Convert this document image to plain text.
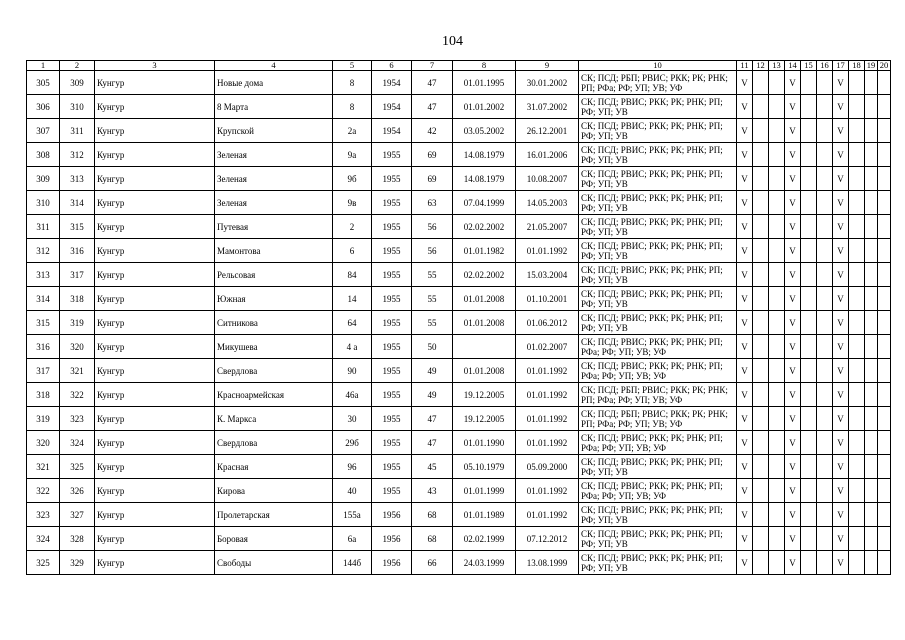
104
1	2	3	4	5	6	7	8	9	10	11	12	13	14	15	16	17	18	19	20
305	309	Кунгур	Новые дома	8	1954	47	01.01.1995	30.01.2002	СК; ПСД; РБП; РВИС; РКК; РК; РНК; РП; РФа; РФ; УП; УВ; УФ	V			V			V			
306	310	Кунгур	8 Марта	8	1954	47	01.01.2002	31.07.2002	СК; ПСД; РВИС; РКК; РК; РНК; РП; РФ; УП; УВ	V			V			V			
307	311	Кунгур	Крупской	2а	1954	42	03.05.2002	26.12.2001	СК; ПСД; РВИС; РКК; РК; РНК; РП; РФ; УП; УВ	V			V			V			
308	312	Кунгур	Зеленая	9а	1955	69	14.08.1979	16.01.2006	СК; ПСД; РВИС; РКК; РК; РНК; РП; РФ; УП; УВ	V			V			V			
309	313	Кунгур	Зеленая	9б	1955	69	14.08.1979	10.08.2007	СК; ПСД; РВИС; РКК; РК; РНК; РП; РФ; УП; УВ	V			V			V			
310	314	Кунгур	Зеленая	9в	1955	63	07.04.1999	14.05.2003	СК; ПСД; РВИС; РКК; РК; РНК; РП; РФ; УП; УВ	V			V			V			
311	315	Кунгур	Путевая	2	1955	56	02.02.2002	21.05.2007	СК; ПСД; РВИС; РКК; РК; РНК; РП; РФ; УП; УВ	V			V			V			
312	316	Кунгур	Мамонтова	6	1955	56	01.01.1982	01.01.1992	СК; ПСД; РВИС; РКК; РК; РНК; РП; РФ; УП; УВ	V			V			V			
313	317	Кунгур	Рельсовая	84	1955	55	02.02.2002	15.03.2004	СК; ПСД; РВИС; РКК; РК; РНК; РП; РФ; УП; УВ	V			V			V			
314	318	Кунгур	Южная	14	1955	55	01.01.2008	01.10.2001	СК; ПСД; РВИС; РКК; РК; РНК; РП; РФ; УП; УВ	V			V			V			
315	319	Кунгур	Ситникова	64	1955	55	01.01.2008	01.06.2012	СК; ПСД; РВИС; РКК; РК; РНК; РП; РФ; УП; УВ	V			V			V			
316	320	Кунгур	Микушева	4 а	1955	50		01.02.2007	СК; ПСД; РВИС; РКК; РК; РНК; РП; РФа; РФ; УП; УВ; УФ	V			V			V			
317	321	Кунгур	Свердлова	90	1955	49	01.01.2008	01.01.1992	СК; ПСД; РВИС; РКК; РК; РНК; РП; РФа; РФ; УП; УВ; УФ	V			V			V			
318	322	Кунгур	Красноармейская	46а	1955	49	19.12.2005	01.01.1992	СК; ПСД; РБП; РВИС; РКК; РК; РНК; РП; РФа; РФ; УП; УВ; УФ	V			V			V			
319	323	Кунгур	К. Маркса	30	1955	47	19.12.2005	01.01.1992	СК; ПСД; РБП; РВИС; РКК; РК; РНК; РП; РФа; РФ; УП; УВ; УФ	V			V			V			
320	324	Кунгур	Свердлова	29б	1955	47	01.01.1990	01.01.1992	СК; ПСД; РВИС; РКК; РК; РНК; РП; РФа; РФ; УП; УВ; УФ	V			V			V			
321	325	Кунгур	Красная	96	1955	45	05.10.1979	05.09.2000	СК; ПСД; РВИС; РКК; РК; РНК; РП; РФ; УП; УВ	V			V			V			
322	326	Кунгур	Кирова	40	1955	43	01.01.1999	01.01.1992	СК; ПСД; РВИС; РКК; РК; РНК; РП; РФа; РФ; УП; УВ; УФ	V			V			V			
323	327	Кунгур	Пролетарская	155а	1956	68	01.01.1989	01.01.1992	СК; ПСД; РВИС; РКК; РК; РНК; РП; РФ; УП; УВ	V			V			V			
324	328	Кунгур	Боровая	6а	1956	68	02.02.1999	07.12.2012	СК; ПСД; РВИС; РКК; РК; РНК; РП; РФ; УП; УВ	V			V			V			
325	329	Кунгур	Свободы	144б	1956	66	24.03.1999	13.08.1999	СК; ПСД; РВИС; РКК; РК; РНК; РП; РФ; УП; УВ	V			V			V			
